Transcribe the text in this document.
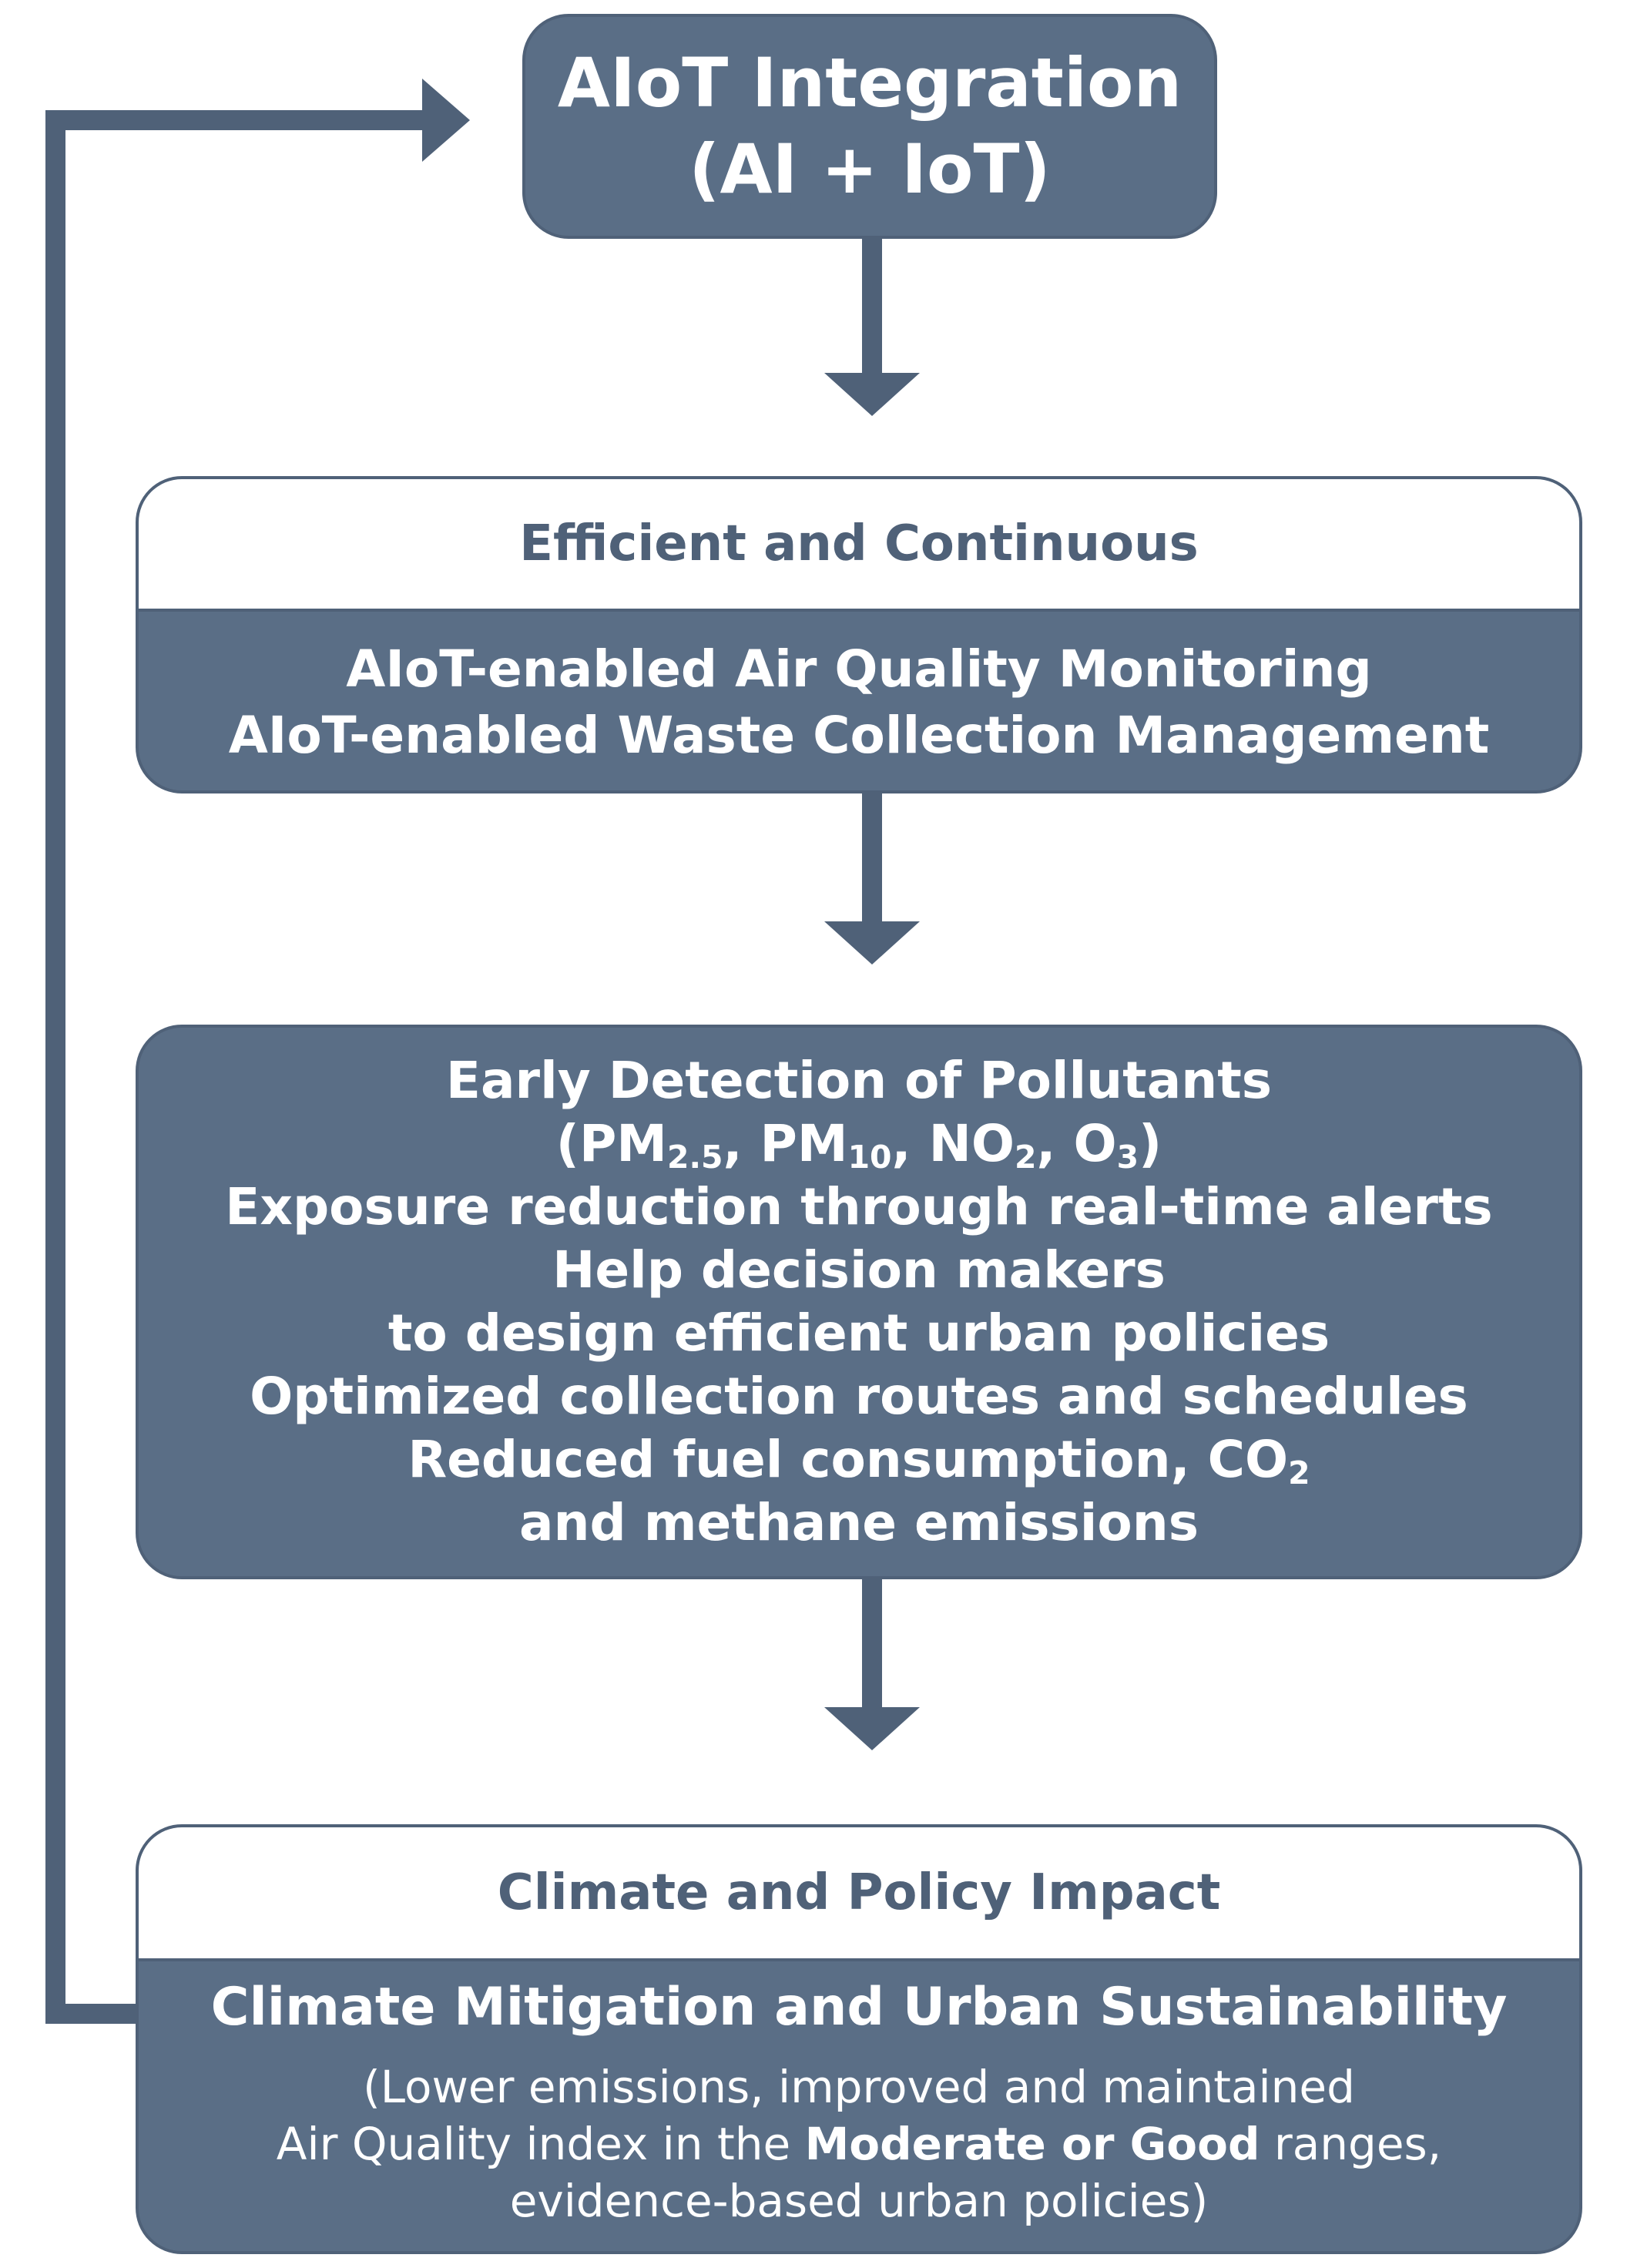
AIoT Integration
(AI + IoT)
Efficient and Continuous
AIoT-enabled Air Quality Monitoring
AIoT-enabled Waste Collection Management
Early Detection of Pollutants
($PM_{2.5}$, $PM_{10}$, $NO_2$, $O_3$)
Exposure reduction through real-time alerts
Help decision makers
to design efficient urban policies
Optimized collection routes and schedules
Reduced fuel consumption, $CO_2$
and methane emissions
Climate and Policy Impact
Climate Mitigation and Urban Sustainability
(Lower emissions, improved and maintained
Air Quality index in the Moderate or Good ranges,
evidence-based urban policies)
